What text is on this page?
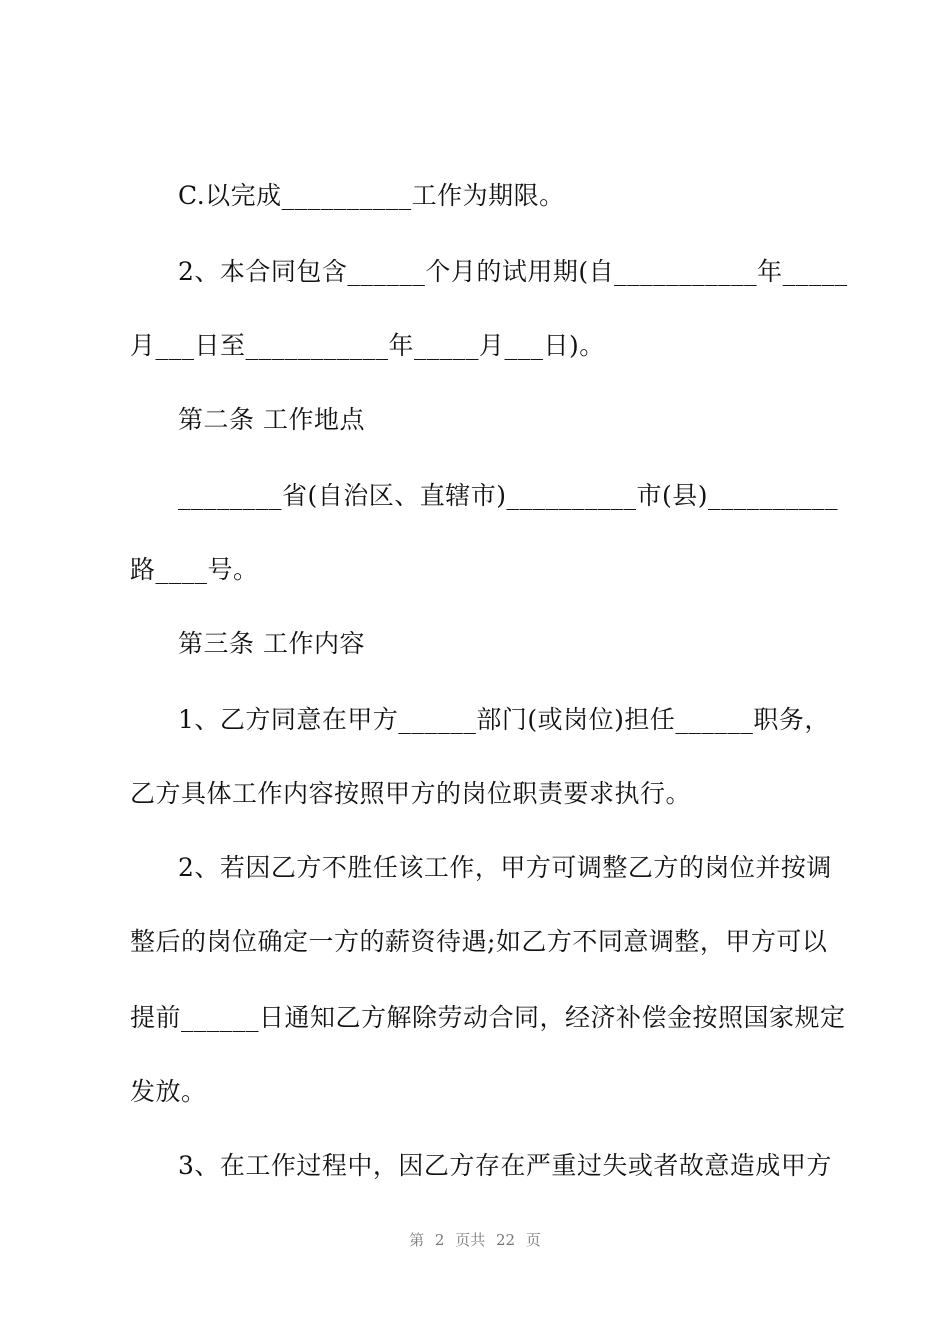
C.以完成__________工作为期限。
2、本合同包含______个月的试用期(自___________年_____
月___日至___________年_____月___日)。
第二条 工作地点
________省(自治区、直辖市)__________市(县)__________
路____号。
第三条 工作内容
1、乙方同意在甲方______部门(或岗位)担任______职务，
乙方具体工作内容按照甲方的岗位职责要求执行。
2、若因乙方不胜任该工作，甲方可调整乙方的岗位并按调
整后的岗位确定一方的薪资待遇;如乙方不同意调整，甲方可以
提前______日通知乙方解除劳动合同，经济补偿金按照国家规定
发放。
3、在工作过程中，因乙方存在严重过失或者故意造成甲方
第 2 页共 22 页
